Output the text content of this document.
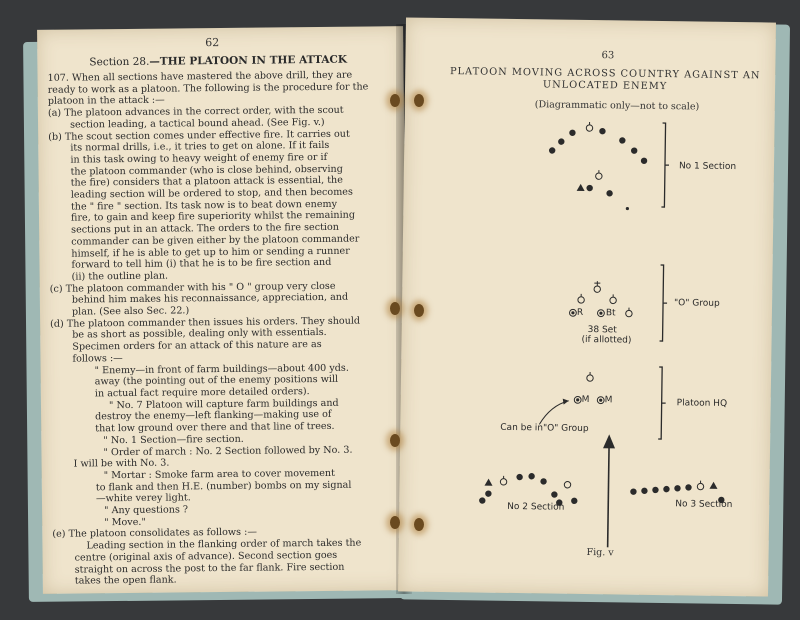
62
Section 28.—THE PLATOON IN THE ATTACK

107. When all sections have mastered the above drill, they are

ready to work as a platoon. The following is the procedure for the

platoon in the attack :—

(a) The platoon advances in the correct order, with the scout

section leading, a tactical bound ahead. (See Fig. v.)

(b) The scout section comes under effective fire. It carries out

its normal drills, i.e., it tries to get on alone. If it fails

in this task owing to heavy weight of enemy fire or if

the platoon commander (who is close behind, observing

the fire) considers that a platoon attack is essential, the

leading section will be ordered to stop, and then becomes

the " fire " section. Its task now is to beat down enemy

fire, to gain and keep fire superiority whilst the remaining

sections put in an attack. The orders to the fire section

commander can be given either by the platoon commander

himself, if he is able to get up to him or sending a runner

forward to tell him (i) that he is to be fire section and

(ii) the outline plan.

(c) The platoon commander with his " O " group very close

behind him makes his reconnaissance, appreciation, and

plan. (See also Sec. 22.)

(d) The platoon commander then issues his orders. They should

be as short as possible, dealing only with essentials.

Specimen orders for an attack of this nature are as

follows :—

" Enemy—in front of farm buildings—about 400 yds.

away (the pointing out of the enemy positions will

in actual fact require more detailed orders).

" No. 7 Platoon will capture farm buildings and

destroy the enemy—left flanking—making use of

that low ground over there and that line of trees.

" No. 1 Section—fire section.

" Order of march : No. 2 Section followed by No. 3.

I will be with No. 3.

" Mortar : Smoke farm area to cover movement

to flank and then H.E. (number) bombs on my signal

—white verey light.

" Any questions ?

" Move."

(e) The platoon consolidates as follows :—

Leading section in the flanking order of march takes the

centre (original axis of advance). Second section goes

straight on across the post to the far flank. Fire section

takes the open flank.

63
PLATOON MOVING ACROSS COUNTRY AGAINST AN
UNLOCATED ENEMY
(Diagrammatic only—not to scale)
No 1 Section
"O" Group
R	Bt
38 Set
(if allotted)
Platoon HQ
M M
Can be in"O" Group
No 2 Section	No 3 Section
Fig. v
